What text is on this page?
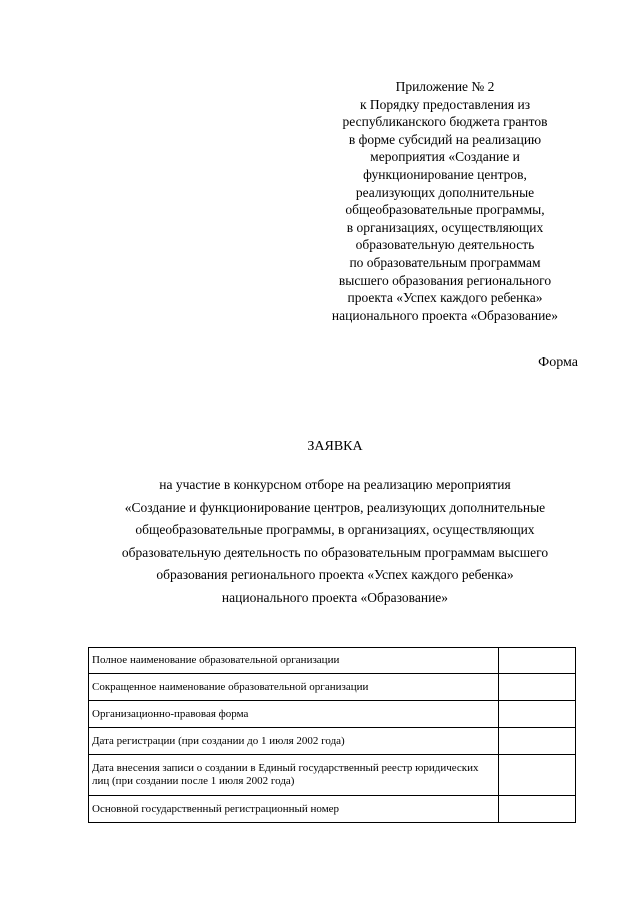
Приложение № 2
к Порядку предоставления из
республиканского бюджета грантов
в форме субсидий на реализацию
мероприятия «Создание и
функционирование центров,
реализующих дополнительные
общеобразовательные программы,
в организациях, осуществляющих
образовательную деятельность
по образовательным программам
высшего образования регионального
проекта «Успех каждого ребенка»
национального проекта «Образование»
Форма
ЗАЯВКА
на участие в конкурсном отборе на реализацию мероприятия
«Создание и функционирование центров, реализующих дополнительные
общеобразовательные программы, в организациях, осуществляющих
образовательную деятельность по образовательным программам высшего
образования регионального проекта «Успех каждого ребенка»
национального проекта «Образование»
Полное наименование образовательной организации	
Сокращенное наименование образовательной организации	
Организационно-правовая форма	
Дата регистрации (при создании до 1 июля 2002 года)	
Дата внесения записи о создании в Единый государственный реестр юридических лиц (при создании после 1 июля 2002 года)	
Основной государственный регистрационный номер	
